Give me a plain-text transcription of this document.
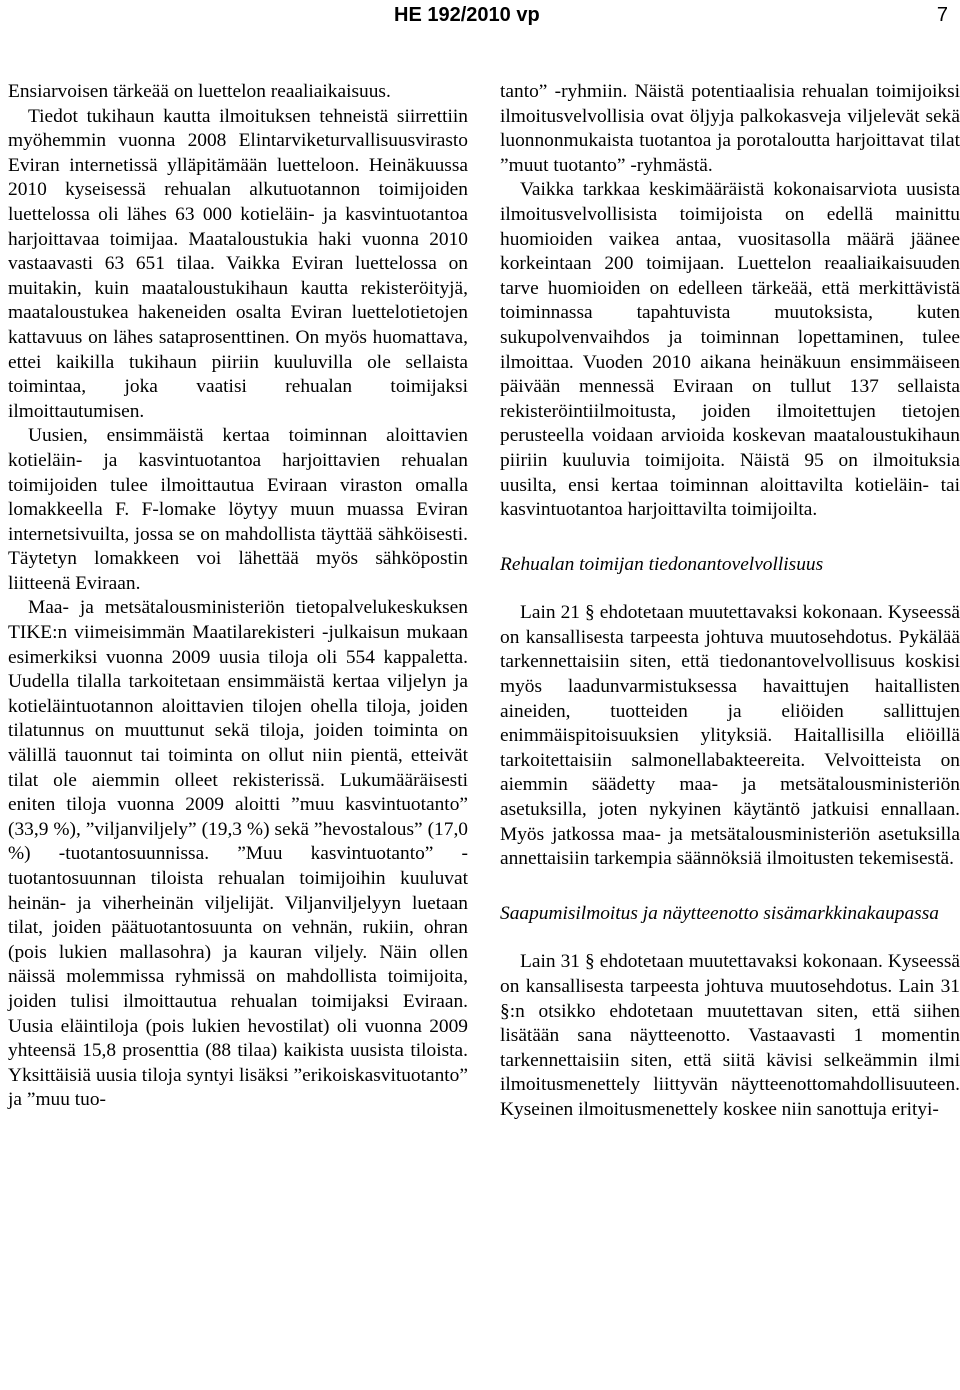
HE 192/2010 vp	7

Ensiarvoisen tärkeää on luettelon reaaliaikaisuus.

Tiedot tukihaun kautta ilmoituksen tehneistä siirrettiin myöhemmin vuonna 2008 Elintarviketurvallisuusvirasto Eviran internetissä ylläpitämään luetteloon. Heinäkuussa 2010 kyseisessä rehualan alkutuotannon toimijoiden luettelossa oli lähes 63 000 kotieläin- ja kasvintuotantoa harjoittavaa toimijaa. Maataloustukia haki vuonna 2010 vastaavasti 63 651 tilaa. Vaikka Eviran luettelossa on muitakin, kuin maataloustukihaun kautta rekisteröityjä, maataloustukea hakeneiden osalta Eviran luettelotietojen kattavuus on lähes sataprosenttinen. On myös huomattava, ettei kaikilla tukihaun piiriin kuuluvilla ole sellaista toimintaa, joka vaatisi rehualan toimijaksi ilmoittautumisen.

Uusien, ensimmäistä kertaa toiminnan aloittavien kotieläin- ja kasvintuotantoa harjoittavien rehualan toimijoiden tulee ilmoittautua Eviraan viraston omalla lomakkeella F. F-lomake löytyy muun muassa Eviran internetsivuilta, jossa se on mahdollista täyttää sähköisesti. Täytetyn lomakkeen voi lähettää myös sähköpostin liitteenä Eviraan.

Maa- ja metsätalousministeriön tietopalvelukeskuksen TIKE:n viimeisimmän Maatilarekisteri -julkaisun mukaan esimerkiksi vuonna 2009 uusia tiloja oli 554 kappaletta. Uudella tilalla tarkoitetaan ensimmäistä kertaa viljelyn ja kotieläintuotannon aloittavien tilojen ohella tiloja, joiden tilatunnus on muuttunut sekä tiloja, joiden toiminta on välillä tauonnut tai toiminta on ollut niin pientä, etteivät tilat ole aiemmin olleet rekisterissä. Lukumääräisesti eniten tiloja vuonna 2009 aloitti ”muu kasvintuotanto” (33,9 %), ”viljanviljely” (19,3 %) sekä ”hevostalous” (17,0 %) -tuotantosuunnissa. ”Muu kasvintuotanto” -tuotantosuunnan tiloista rehualan toimijoihin kuuluvat heinän- ja viherheinän viljelijät. Viljanviljelyyn luetaan tilat, joiden päätuotantosuunta on vehnän, rukiin, ohran (pois lukien mallasohra) ja kauran viljely. Näin ollen näissä molemmissa ryhmissä on mahdollista toimijoita, joiden tulisi ilmoittautua rehualan toimijaksi Eviraan. Uusia eläintiloja (pois lukien hevostilat) oli vuonna 2009 yhteensä 15,8 prosenttia (88 tilaa) kaikista uusista tiloista. Yksittäisiä uusia tiloja syntyi lisäksi ”erikoiskasvituotanto” ja ”muu tuo-

tanto” -ryhmiin. Näistä potentiaalisia rehualan toimijoiksi ilmoitusvelvollisia ovat öljyja palkokasveja viljelevät sekä luonnonmukaista tuotantoa ja porotaloutta harjoittavat tilat ”muut tuotanto” -ryhmästä.

Vaikka tarkkaa keskimääräistä kokonaisarviota uusista ilmoitusvelvollisista toimijoista on edellä mainittu huomioiden vaikea antaa, vuositasolla määrä jäänee korkeintaan 200 toimijaan. Luettelon reaaliaikaisuuden tarve huomioiden on edelleen tärkeää, että merkittävistä toiminnassa tapahtuvista muutoksista, kuten sukupolvenvaihdos ja toiminnan lopettaminen, tulee ilmoittaa. Vuoden 2010 aikana heinäkuun ensimmäiseen päivään mennessä Eviraan on tullut 137 sellaista rekisteröintiilmoitusta, joiden ilmoitettujen tietojen perusteella voidaan arvioida koskevan maataloustukihaun piiriin kuuluvia toimijoita. Näistä 95 on ilmoituksia uusilta, ensi kertaa toiminnan aloittavilta kotieläin- tai kasvintuotantoa harjoittavilta toimijoilta.

Rehualan toimijan tiedonantovelvollisuus

Lain 21 § ehdotetaan muutettavaksi kokonaan. Kyseessä on kansallisesta tarpeesta johtuva muutosehdotus. Pykälää tarkennettaisiin siten, että tiedonantovelvollisuus koskisi myös laadunvarmistuksessa havaittujen haitallisten aineiden, tuotteiden ja eliöiden sallittujen enimmäispitoisuuksien ylityksiä. Haitallisilla eliöillä tarkoitettaisiin salmonellabakteereita. Velvoitteista on aiemmin säädetty maa- ja metsätalousministeriön asetuksilla, joten nykyinen käytäntö jatkuisi ennallaan. Myös jatkossa maa- ja metsätalousministeriön asetuksilla annettaisiin tarkempia säännöksiä ilmoitusten tekemisestä.

Saapumisilmoitus ja näytteenotto sisämarkkinakaupassa

Lain 31 § ehdotetaan muutettavaksi kokonaan. Kyseessä on kansallisesta tarpeesta johtuva muutosehdotus. Lain 31 §:n otsikko ehdotetaan muutettavan siten, että siihen lisätään sana näytteenotto. Vastaavasti 1 momentin tarkennettaisiin siten, että siitä kävisi selkeämmin ilmi ilmoitusmenettely liittyvän näytteenottomahdollisuuteen. Kyseinen ilmoitusmenettely koskee niin sanottuja erityi-
